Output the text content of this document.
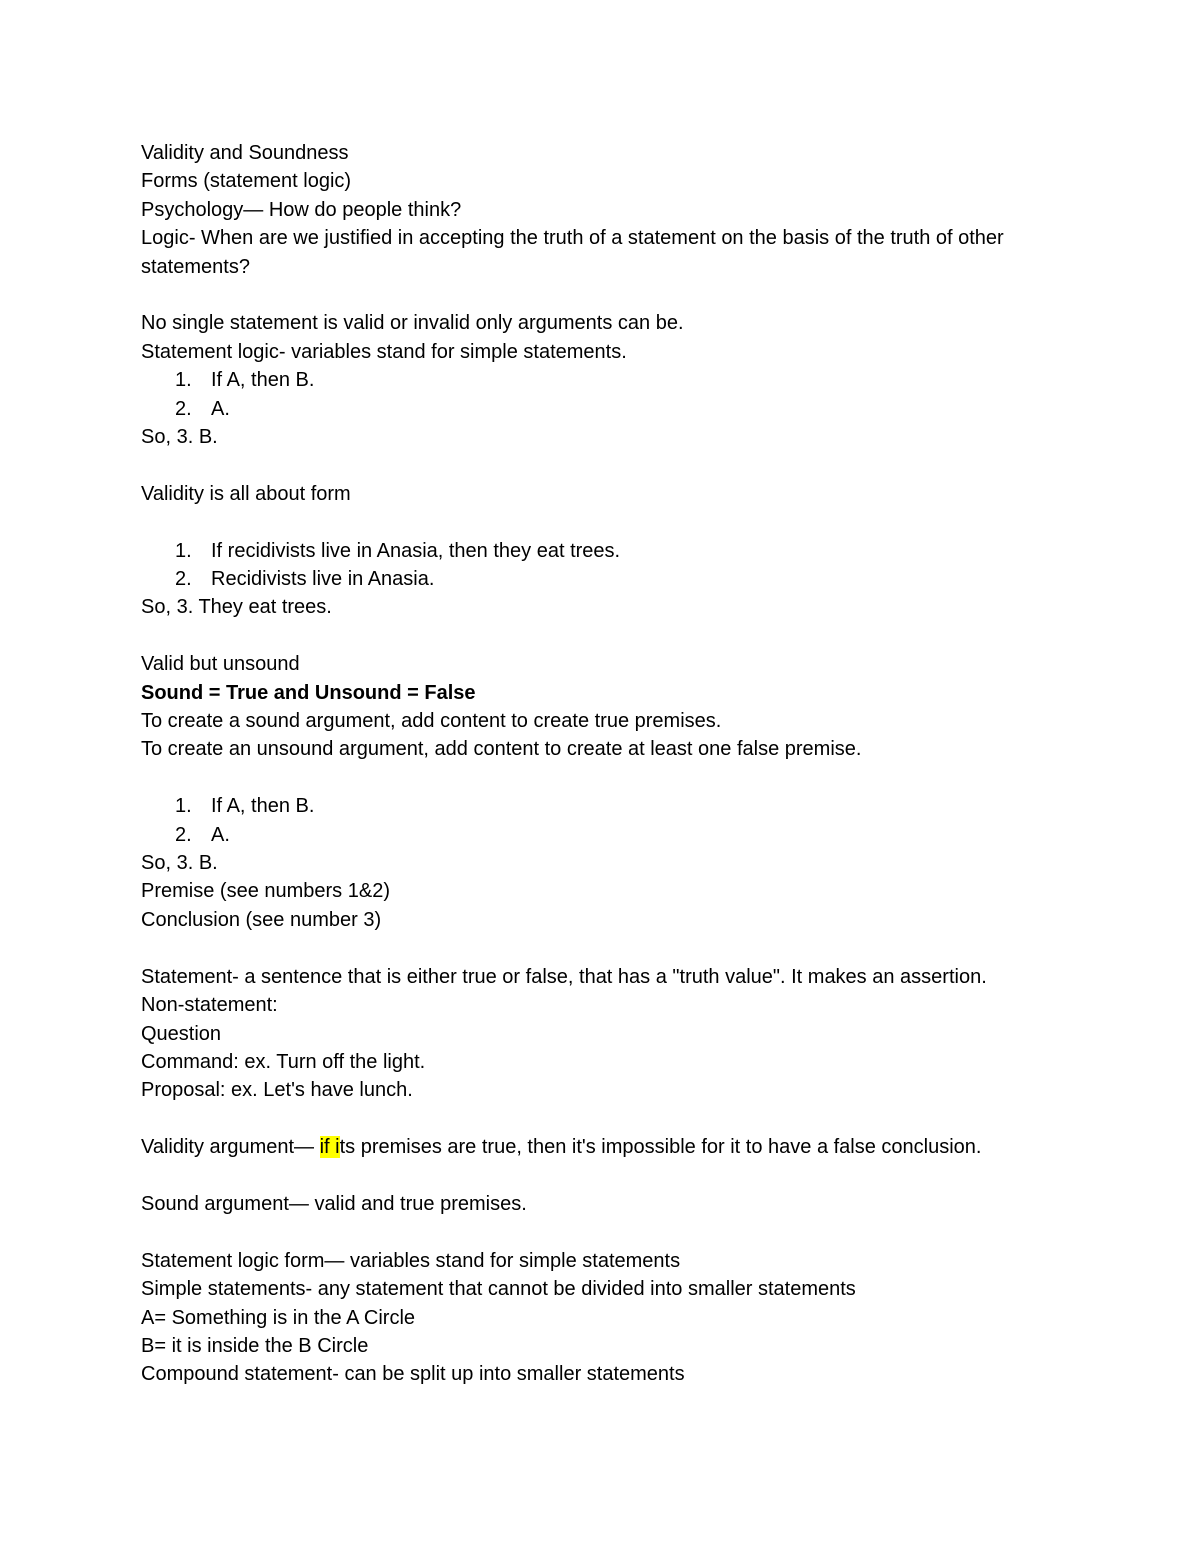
Validity and Soundness
Forms (statement logic)
Psychology— How do people think?
Logic- When are we justified in accepting the truth of a statement on the basis of the truth of other statements?
No single statement is valid or invalid only arguments can be.
Statement logic- variables stand for simple statements.
1. If A, then B.
2. A.
So, 3. B.
Validity is all about form
1. If recidivists live in Anasia, then they eat trees.
2. Recidivists live in Anasia.
So, 3. They eat trees.
Valid but unsound
Sound = True and Unsound = False
To create a sound argument, add content to create true premises.
To create an unsound argument, add content to create at least one false premise.
1. If A, then B.
2. A.
So, 3. B.
Premise (see numbers 1&2)
Conclusion (see number 3)
Statement- a sentence that is either true or false, that has a "truth value". It makes an assertion.
Non-statement:
Question
Command: ex. Turn off the light.
Proposal: ex. Let's have lunch.
Validity argument— if its premises are true, then it's impossible for it to have a false conclusion.
Sound argument— valid and true premises.
Statement logic form— variables stand for simple statements
Simple statements- any statement that cannot be divided into smaller statements
A= Something is in the A Circle
B= it is inside the B Circle
Compound statement- can be split up into smaller statements
